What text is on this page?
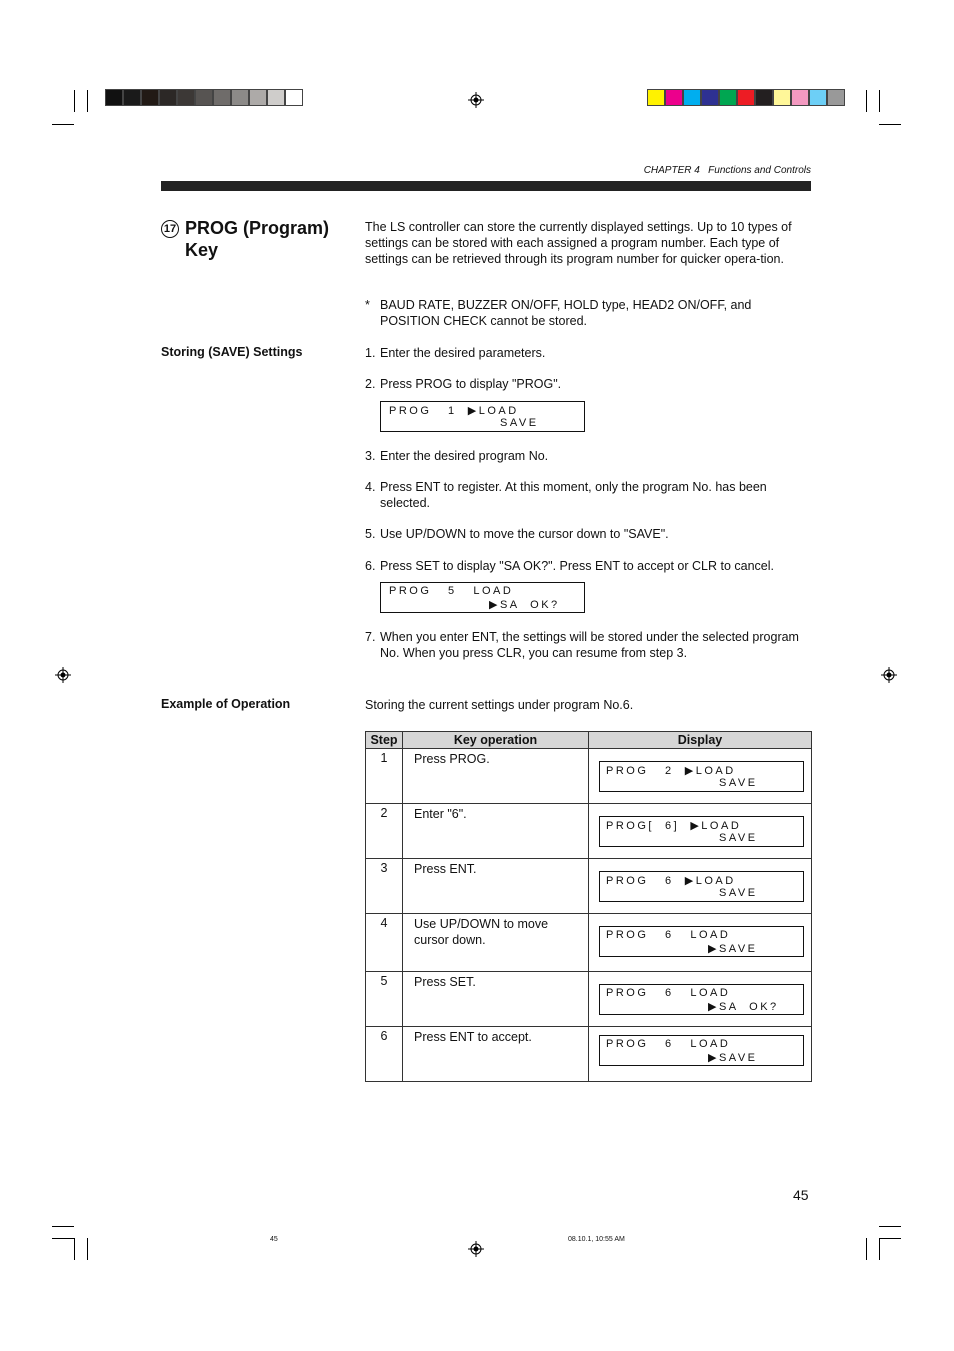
CHAPTER 4 Functions and Controls
17 PROG (Program)
Key
The LS controller can store the currently displayed settings. Up to 10 types of settings can be stored with each assigned a program number. Each type of settings can be retrieved through its program number for quicker opera-tion.
* BAUD RATE, BUZZER ON/OFF, HOLD type, HEAD2 ON/OFF, and POSITION CHECK cannot be stored.
Storing (SAVE) Settings	1. Enter the desired parameters.
2. Press PROG to display "PROG".
PROG   1  ▶LOAD
SAVE
3. Enter the desired program No.
4. Press ENT to register. At this moment, only the program No. has been selected.
5. Use UP/DOWN to move the cursor down to "SAVE".
6. Press SET to display "SA OK?". Press ENT to accept or CLR to cancel.
PROG   5   LOAD
▶SA  OK?
7. When you enter ENT, the settings will be stored under the selected program No. When you press CLR, you can resume from step 3.
Example of Operation	Storing the current settings under program No.6.
Step	Key operation	Display
1	Press PROG.	PROG   2  ▶LOAD
SAVE

2	Enter "6".	PROG[  6]  ▶LOAD
SAVE

3	Press ENT.	PROG   6  ▶LOAD
SAVE

4	Use UP/DOWN to move cursor down.	PROG   6   LOAD
▶SAVE

5	Press SET.	PROG   6   LOAD
▶SA  OK?

6	Press ENT to accept.	PROG   6   LOAD
▶SAVE
45
45	08.10.1, 10:55 AM
